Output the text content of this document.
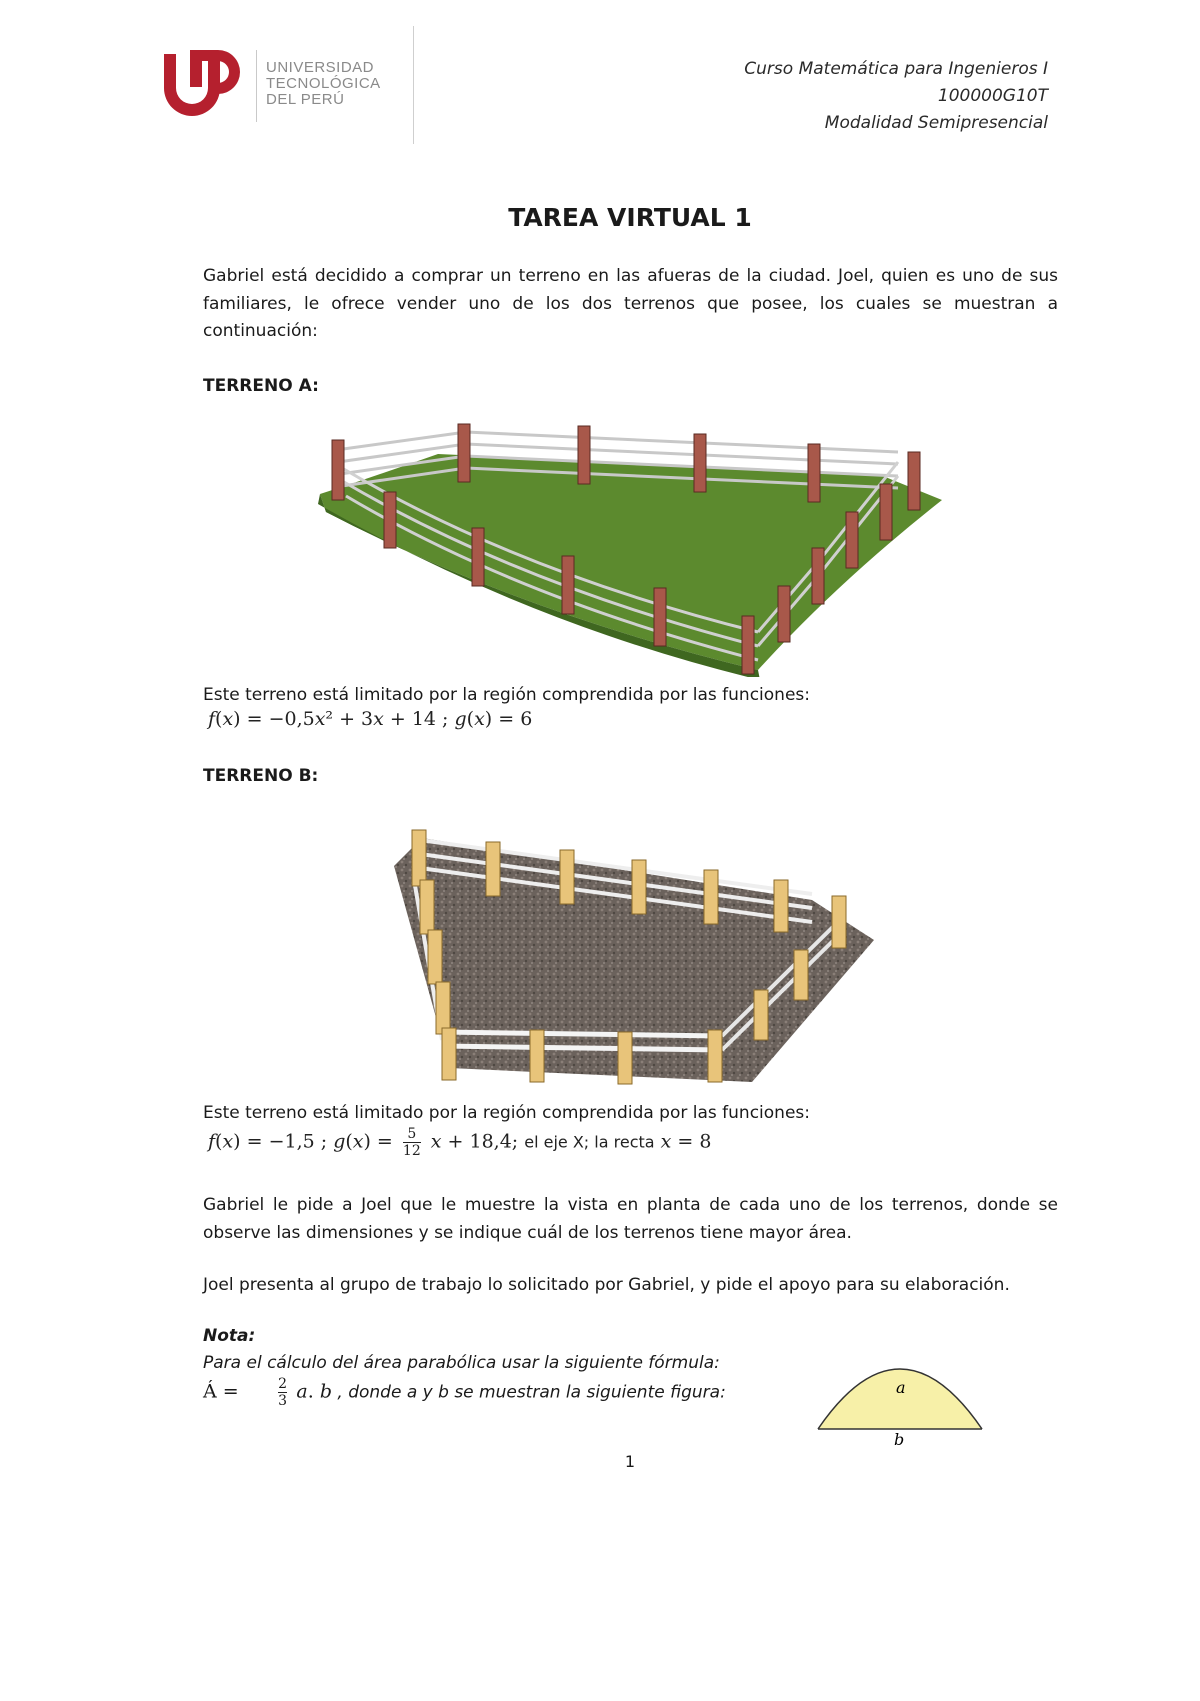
UNIVERSIDAD
TECNOLÓGICA
DEL PERÚ
Curso Matemática para Ingenieros I
100000G10T
Modalidad Semipresencial
TAREA VIRTUAL 1
Gabriel está decidido a comprar un terreno en las afueras de la ciudad. Joel, quien es uno de sus familiares, le ofrece vender uno de los dos terrenos que posee, los cuales se muestran a continuación:
TERRENO A:
Este terreno está limitado por la región comprendida por las funciones:
𝑓(𝑥) = −0,5𝑥² + 3𝑥 + 14 ; 𝑔(𝑥) = 6
TERRENO B:
Este terreno está limitado por la región comprendida por las funciones:
𝑓(𝑥) = −1,5 ; 𝑔(𝑥) = $\frac{5}{12}$ 𝑥 + 18,4; el eje X; la recta 𝑥 = 8
Gabriel le pide a Joel que le muestre la vista en planta de cada uno de los terrenos, donde se observe las dimensiones y se indique cuál de los terrenos tiene mayor área.
Joel presenta al grupo de trabajo lo solicitado por Gabriel, y pide el apoyo para su elaboración.
Nota:
Para el cálculo del área parabólica usar la siguiente fórmula:
Á =	$\frac{2}{3}$ 𝑎. 𝑏 , donde a y b se muestran la siguiente figura:	a
b
1
